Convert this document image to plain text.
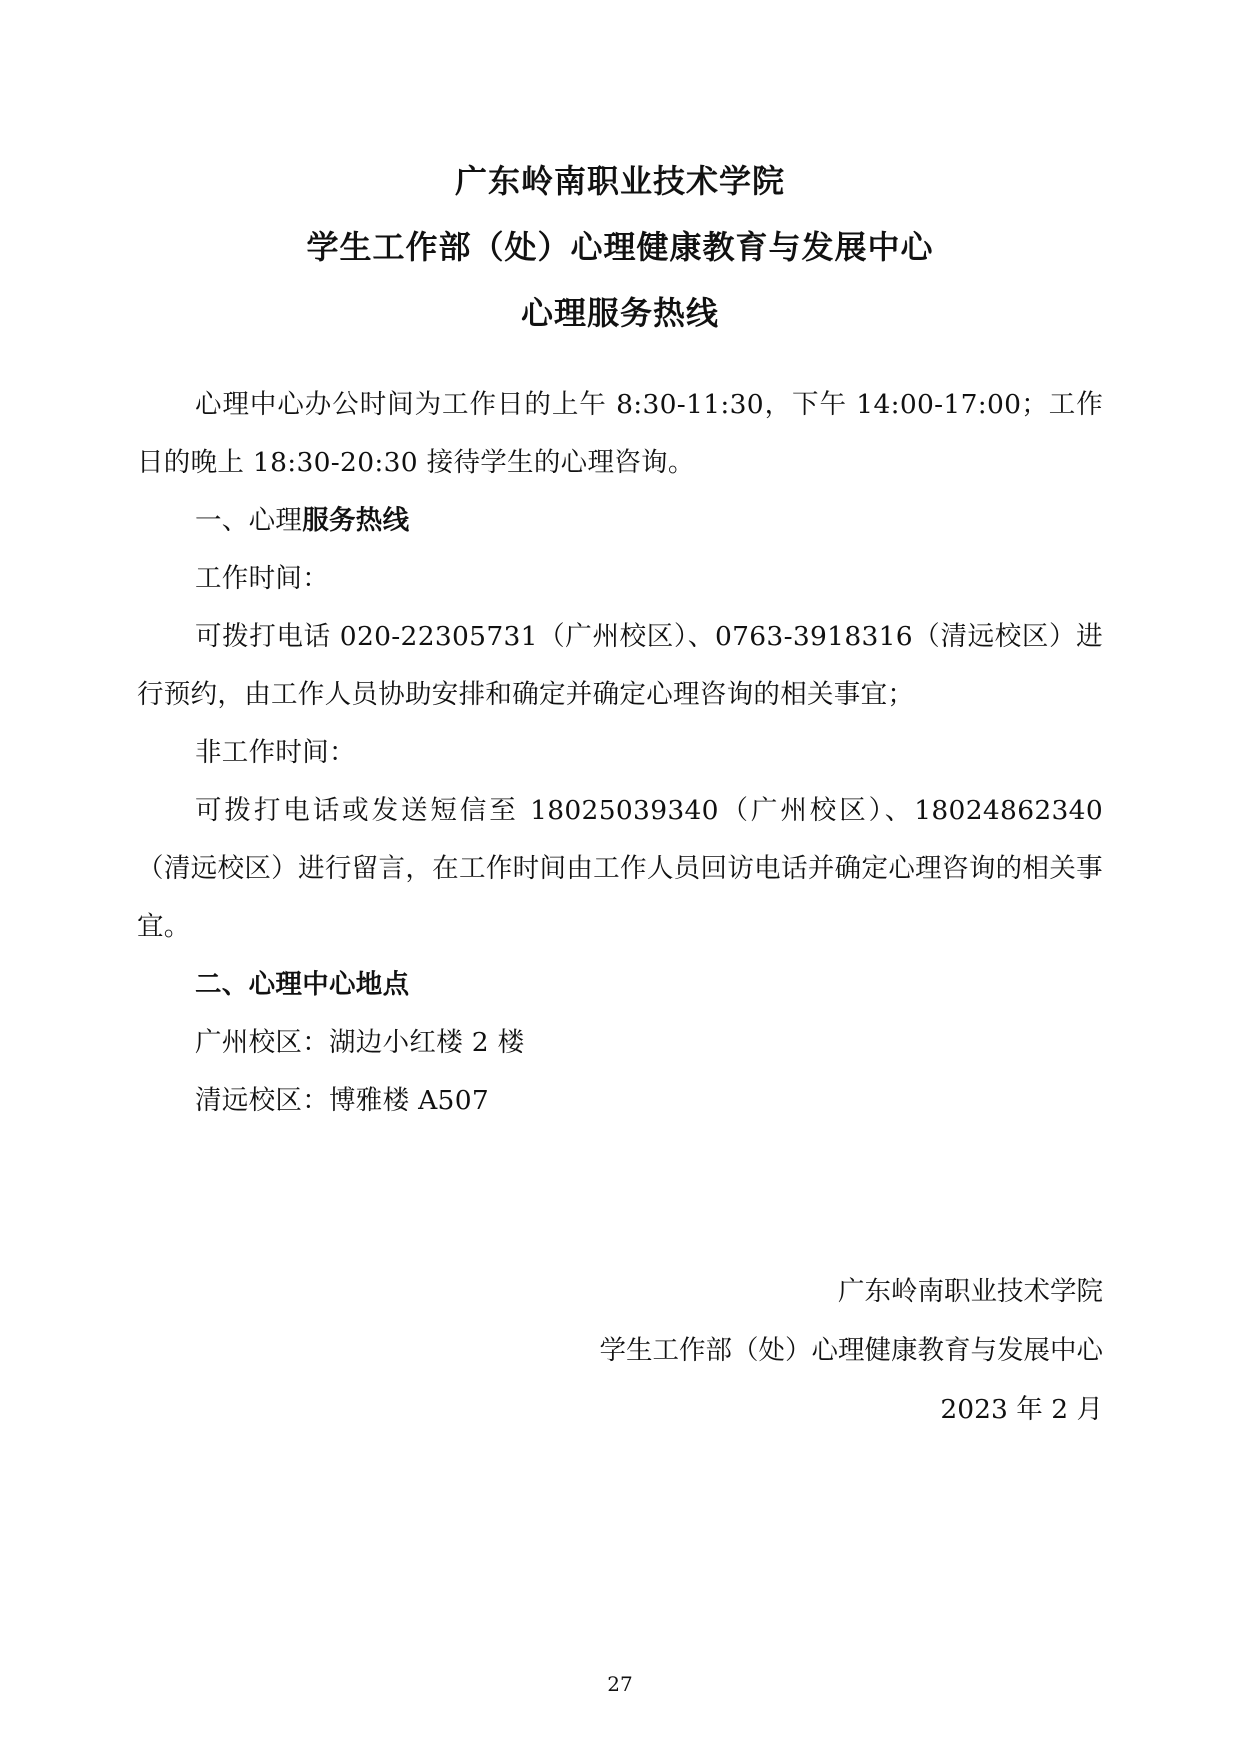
广东岭南职业技术学院
学生工作部（处）心理健康教育与发展中心
心理服务热线

心理中心办公时间为工作日的上午 8:30-11:30，下午 14:00-17:00；工作日的晚上 18:30-20:30 接待学生的心理咨询。

一、心理服务热线

工作时间：

可拨打电话 020-22305731（广州校区）、0763-3918316（清远校区）进行预约，由工作人员协助安排和确定并确定心理咨询的相关事宜；

非工作时间：

可拨打电话或发送短信至 18025039340（广州校区）、18024862340（清远校区）进行留言，在工作时间由工作人员回访电话并确定心理咨询的相关事宜。

二、心理中心地点

广州校区：湖边小红楼 2 楼

清远校区：博雅楼 A507

广东岭南职业技术学院
学生工作部（处）心理健康教育与发展中心
2023 年 2 月
27
